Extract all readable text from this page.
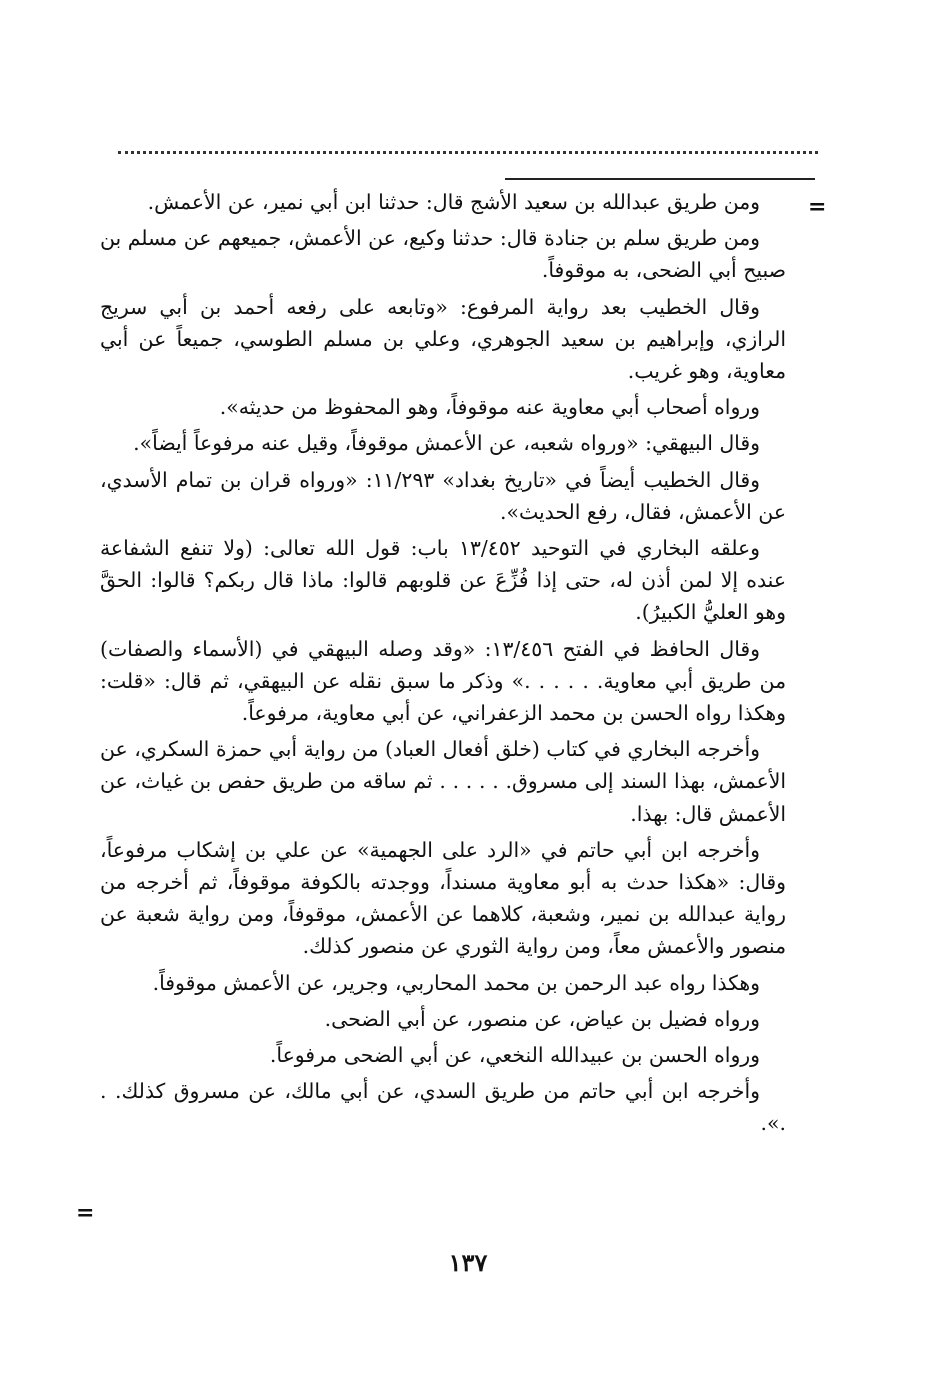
=

ومن طريق عبدالله بن سعيد الأشج قال: حدثنا ابن أبي نمير، عن الأعمش.

ومن طريق سلم بن جنادة قال: حدثنا وكيع، عن الأعمش، جميعهم عن مسلم بن صبيح أبي الضحى، به موقوفاً.

وقال الخطيب بعد رواية المرفوع: «وتابعه على رفعه أحمد بن أبي سريج الرازي، وإبراهيم بن سعيد الجوهري، وعلي بن مسلم الطوسي، جميعاً عن أبي معاوية، وهو غريب.

ورواه أصحاب أبي معاوية عنه موقوفاً، وهو المحفوظ من حديثه».

وقال البيهقي: «ورواه شعبه، عن الأعمش موقوفاً، وقيل عنه مرفوعاً أيضاً».

وقال الخطيب أيضاً في «تاريخ بغداد» ١١/٢٩٣: «ورواه قران بن تمام الأسدي، عن الأعمش، فقال، رفع الحديث».

وعلقه البخاري في التوحيد ١٣/٤٥٢ باب: قول الله تعالى: (ولا تنفع الشفاعة عنده إلا لمن أذن له، حتى إذا فُزِّعَ عن قلوبهم قالوا: ماذا قال ربكم؟ قالوا: الحقَّ وهو العليُّ الكبيرُ).

وقال الحافظ في الفتح ١٣/٤٥٦: «وقد وصله البيهقي في (الأسماء والصفات) من طريق أبي معاوية. . . . . .» وذكر ما سبق نقله عن البيهقي، ثم قال: «قلت: وهكذا رواه الحسن بن محمد الزعفراني، عن أبي معاوية، مرفوعاً.

وأخرجه البخاري في كتاب (خلق أفعال العباد) من رواية أبي حمزة السكري، عن الأعمش، بهذا السند إلى مسروق. . . . . . ثم ساقه من طريق حفص بن غياث، عن الأعمش قال: بهذا.

وأخرجه ابن أبي حاتم في «الرد على الجهمية» عن علي بن إشكاب مرفوعاً، وقال: «هكذا حدث به أبو معاوية مسنداً، ووجدته بالكوفة موقوفاً، ثم أخرجه من رواية عبدالله بن نمير، وشعبة، كلاهما عن الأعمش، موقوفاً، ومن رواية شعبة عن منصور والأعمش معاً، ومن رواية الثوري عن منصور كذلك.

وهكذا رواه عبد الرحمن بن محمد المحاربي، وجرير، عن الأعمش موقوفاً.

ورواه فضيل بن عياض، عن منصور، عن أبي الضحى.

ورواه الحسن بن عبيدالله النخعي، عن أبي الضحى مرفوعاً.

وأخرجه ابن أبي حاتم من طريق السدي، عن أبي مالك، عن مسروق كذلك. . .».

=
١٣٧
